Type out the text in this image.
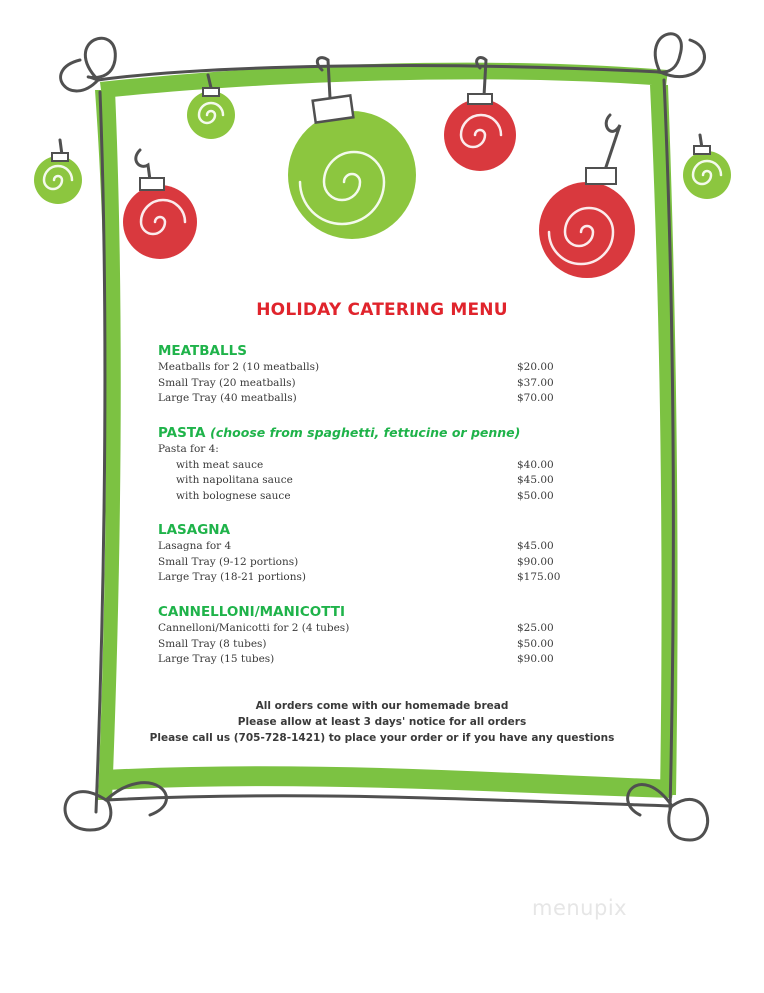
HOLIDAY CATERING MENU
MEATBALLS
Meatballs for 2 (10 meatballs)	$20.00
Small Tray (20 meatballs)	$37.00
Large Tray (40 meatballs)	$70.00
PASTA (choose from spaghetti, fettucine or penne)
Pasta for 4:
with meat sauce	$40.00
with napolitana sauce	$45.00
with bolognese sauce	$50.00
LASAGNA
Lasagna for 4	$45.00
Small Tray (9-12 portions)	$90.00
Large Tray (18-21 portions)	$175.00
CANNELLONI/MANICOTTI
Cannelloni/Manicotti for 2 (4 tubes)	$25.00
Small Tray (8 tubes)	$50.00
Large Tray (15 tubes)	$90.00
All orders come with our homemade bread
Please allow at least 3 days' notice for all orders
Please call us (705-728-1421) to place your order or if you have any questions
menupix
